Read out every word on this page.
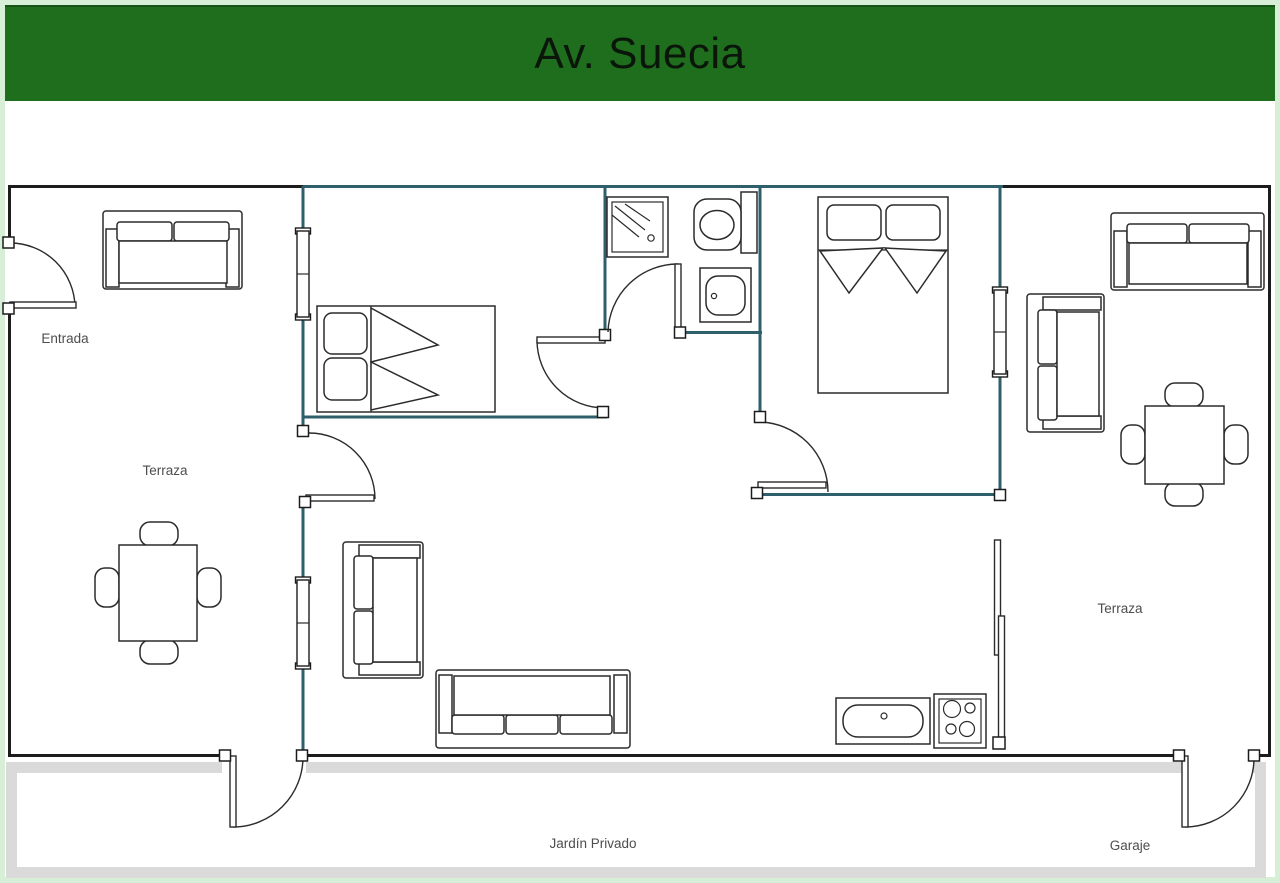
Av. Suecia
Entrada
Terraza
Terraza
Jardín Privado	Garaje
